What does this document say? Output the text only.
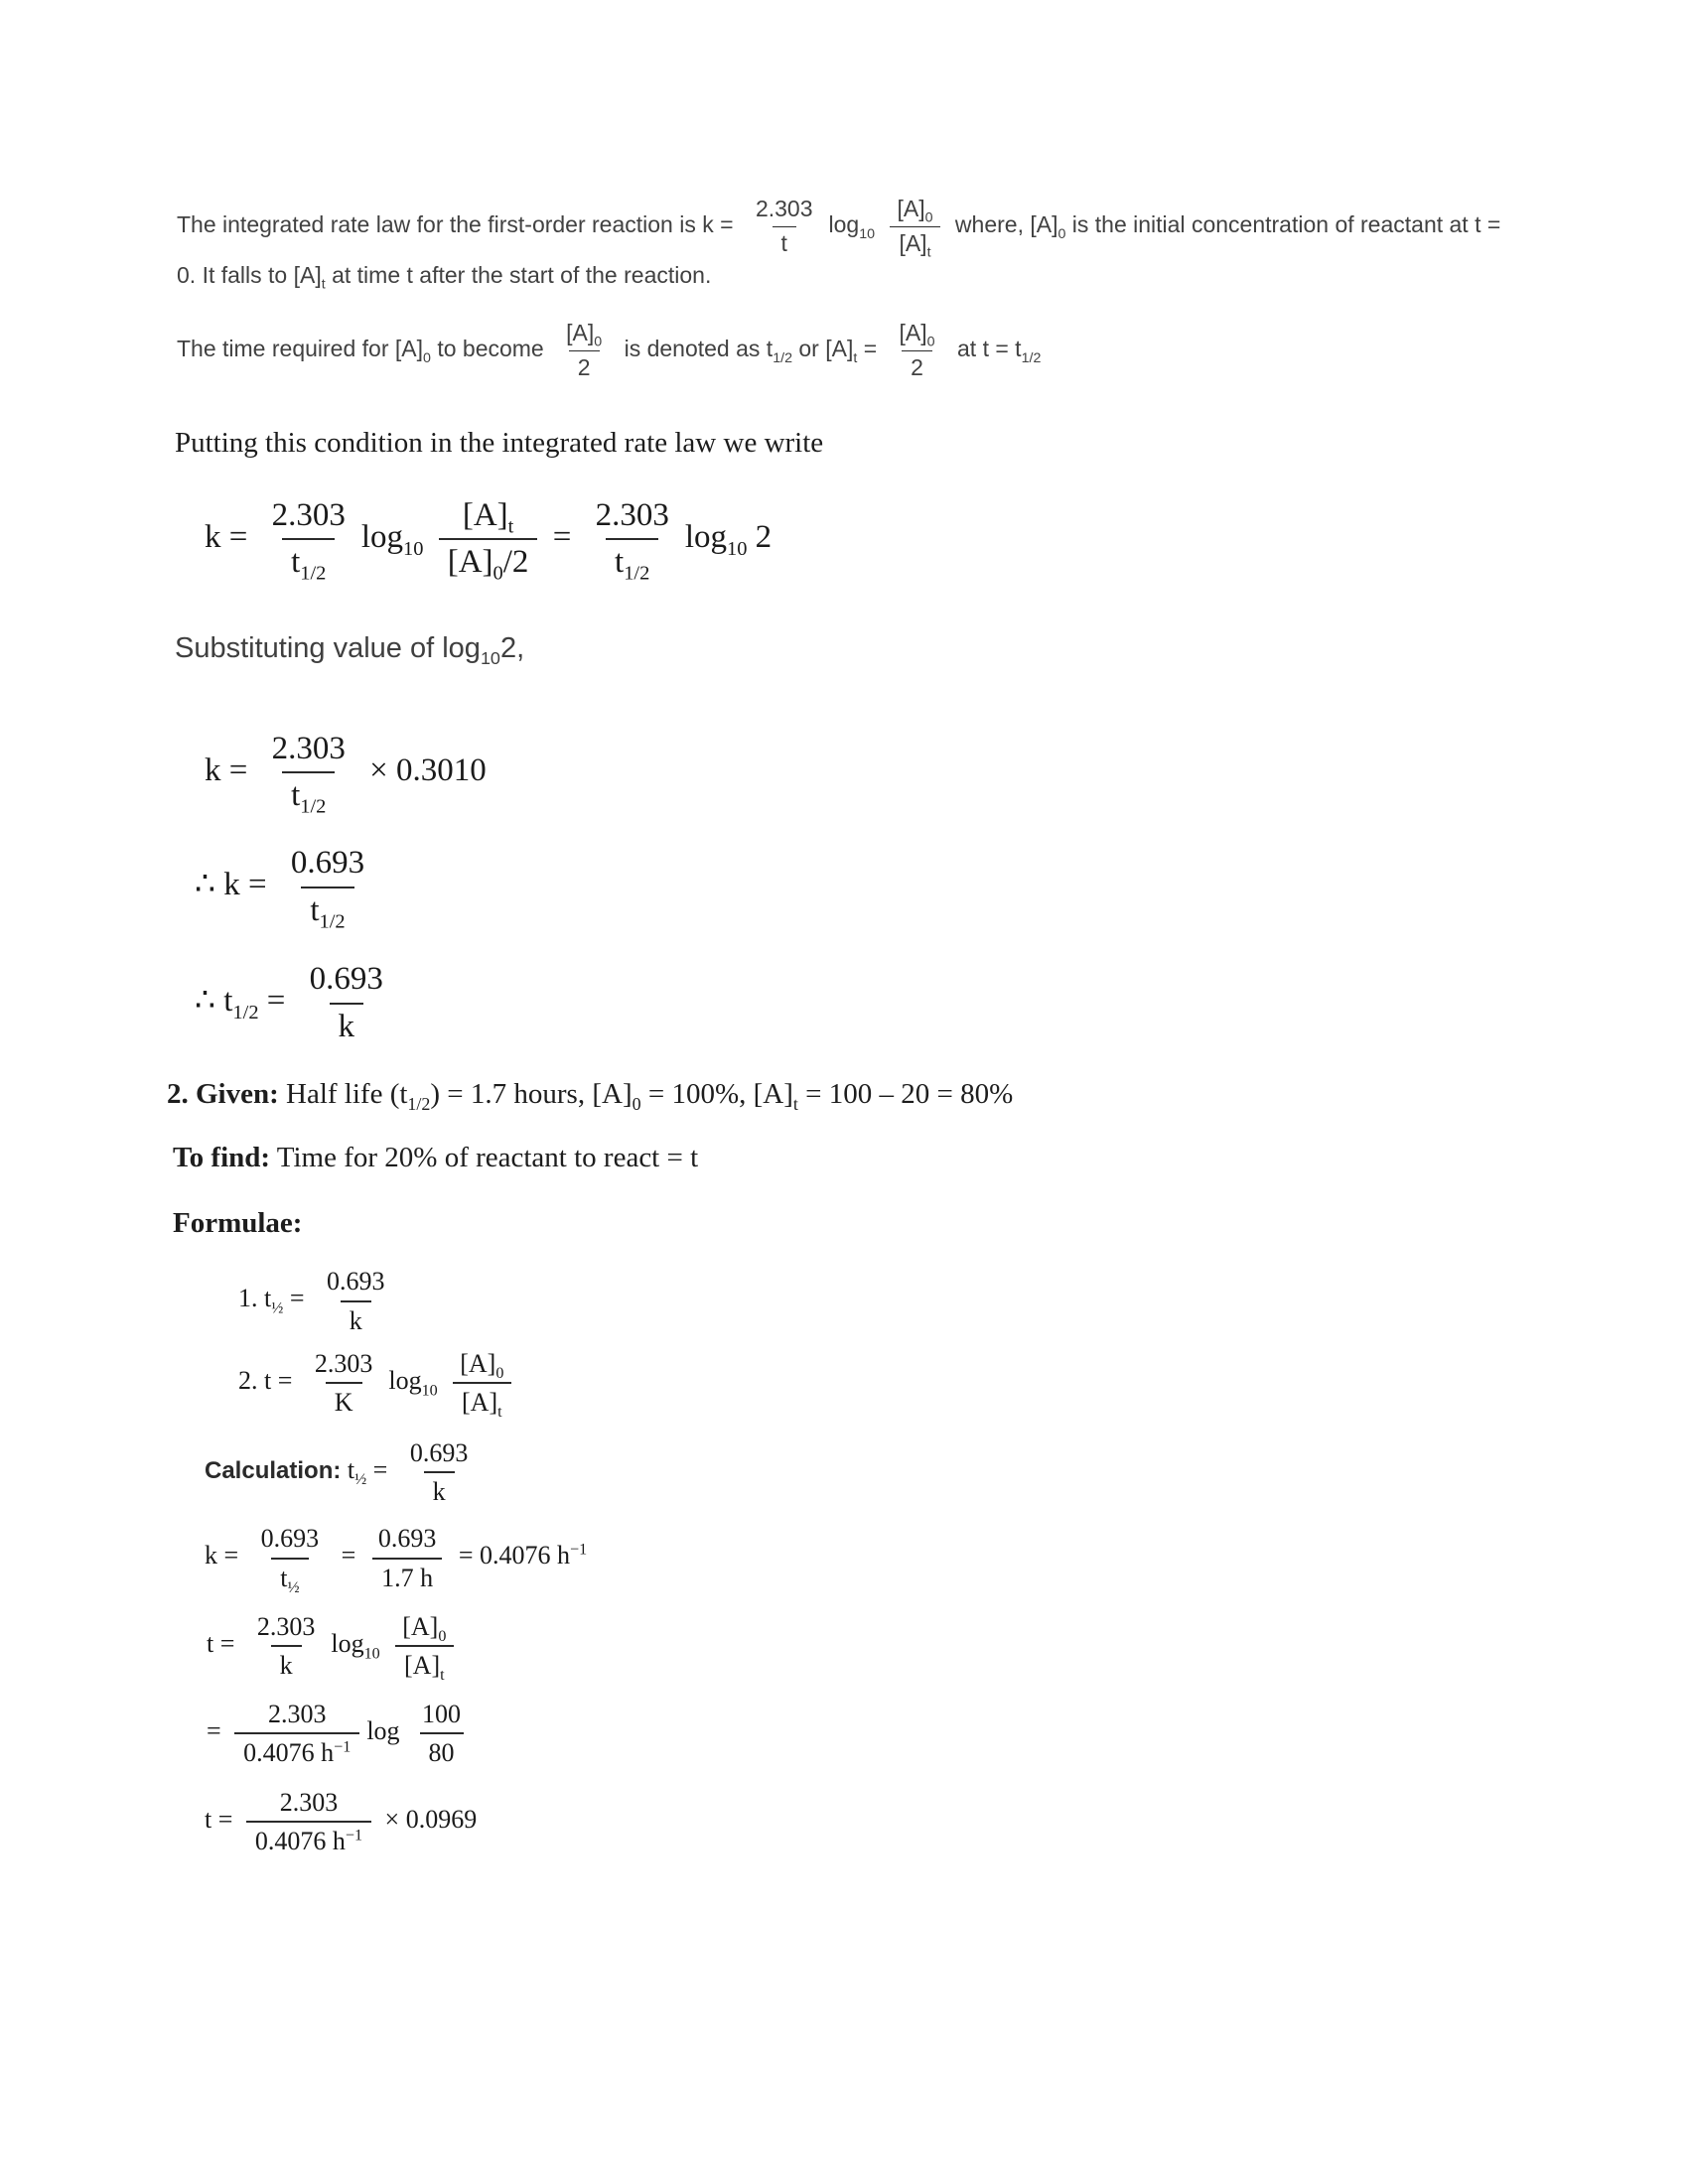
The integrated rate law for the first-order reaction is $k = \frac{2.303}{t} \log_{10} \frac{[A]_0}{[A]_t}$ where, $[A]_0$ is the initial concentration of reactant at t = 0. It falls to $[A]_t$ at time t after the start of the reaction.
The time required for $[A]_0$ to become $\frac{[A]_0}{2}$ is denoted as $t_{1/2}$ or $[A]_t = \frac{[A]_0}{2}$ at $t = t_{1/2}$
Putting this condition in the integrated rate law we write
$k = \frac{2.303}{t_{1/2}} \log_{10} \frac{[A]_t}{[A]_0/2} = \frac{2.303}{t_{1/2}} \log_{10} 2$
Substituting value of $\log_{10}2$,
$k = \frac{2.303}{t_{1/2}} \times 0.3010$
∴ $k = \frac{0.693}{t_{1/2}}$
∴ $t_{1/2} = \frac{0.693}{k}$
2. Given: Half life $(t_{1/2}) = 1.7$ hours, $[A]_0 = 100\%$, $[A]_t = 100 - 20 = 80\%$
To find: Time for 20% of reactant to react = t
Formulae:
1. $t_{\frac{1}{2}} = \frac{0.693}{k}$
2. $t = \frac{2.303}{K} \log_{10} \frac{[A]_0}{[A]_t}$
Calculation: $t_{\frac{1}{2}} = \frac{0.693}{k}$
$k = \frac{0.693}{t_{\frac{1}{2}}} = \frac{0.693}{1.7 h} = 0.4076$ $h^{-1}$
$t = \frac{2.303}{k} \log_{10} \frac{[A]_0}{[A]_t}$
= $\frac{2.303}{0.4076 h^{-1}}$ $\log \frac{100}{80}$
$t = \frac{2.303}{0.4076 h^{-1}} \times 0.0969$
